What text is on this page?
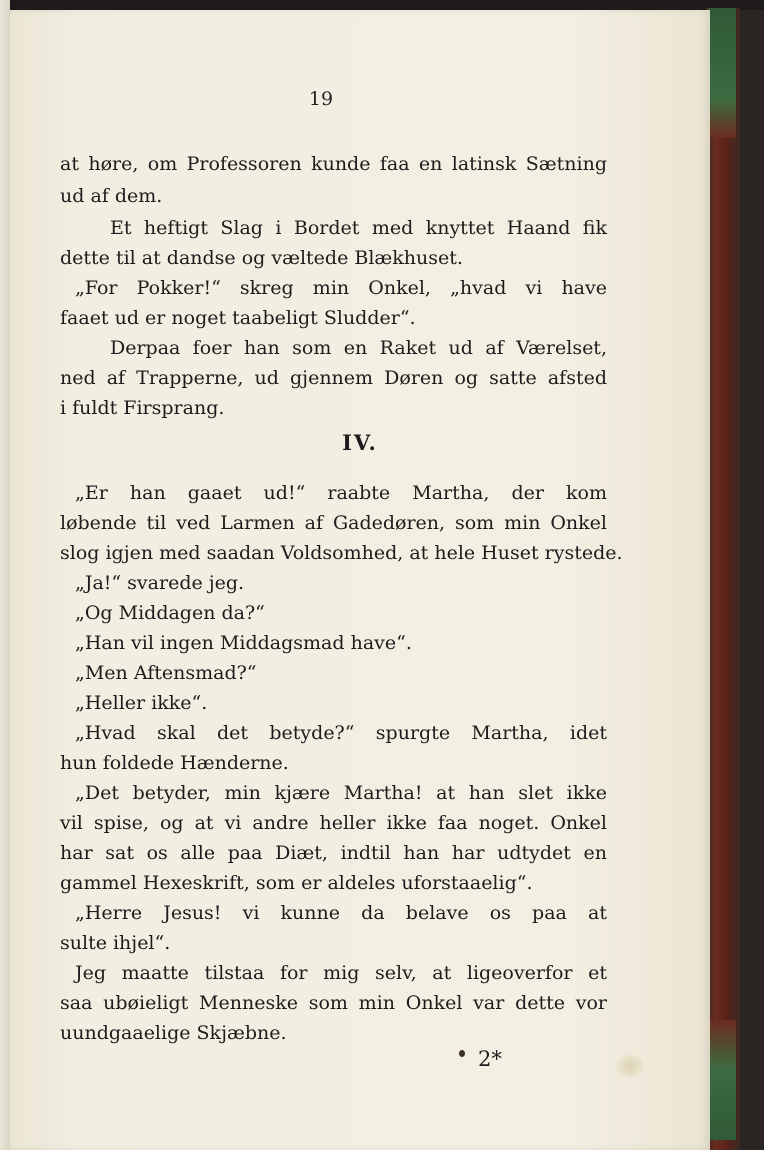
19
at høre, om Professoren kunde faa en latinsk Sætning
ud af dem.
Et heftigt Slag i Bordet med knyttet Haand fik
dette til at dandse og væltede Blækhuset.
„For Pokker!“ skreg min Onkel, „hvad vi have
faaet ud er noget taabeligt Sludder“.
Derpaa foer han som en Raket ud af Værelset,
ned af Trapperne, ud gjennem Døren og satte afsted
i fuldt Firsprang.
IV.
„Er han gaaet ud!“ raabte Martha, der kom
løbende til ved Larmen af Gadedøren, som min Onkel
slog igjen med saadan Voldsomhed, at hele Huset rystede.
„Ja!“ svarede jeg.
„Og Middagen da?“
„Han vil ingen Middagsmad have“.
„Men Aftensmad?“
„Heller ikke“.
„Hvad skal det betyde?“ spurgte Martha, idet
hun foldede Hænderne.
„Det betyder, min kjære Martha! at han slet ikke
vil spise, og at vi andre heller ikke faa noget. Onkel
har sat os alle paa Diæt, indtil han har udtydet en
gammel Hexeskrift, som er aldeles uforstaaelig“.
„Herre Jesus! vi kunne da belave os paa at
sulte ihjel“.
Jeg maatte tilstaa for mig selv, at ligeoverfor et
saa ubøieligt Menneske som min Onkel var dette vor
uundgaaelige Skjæbne.
2*
